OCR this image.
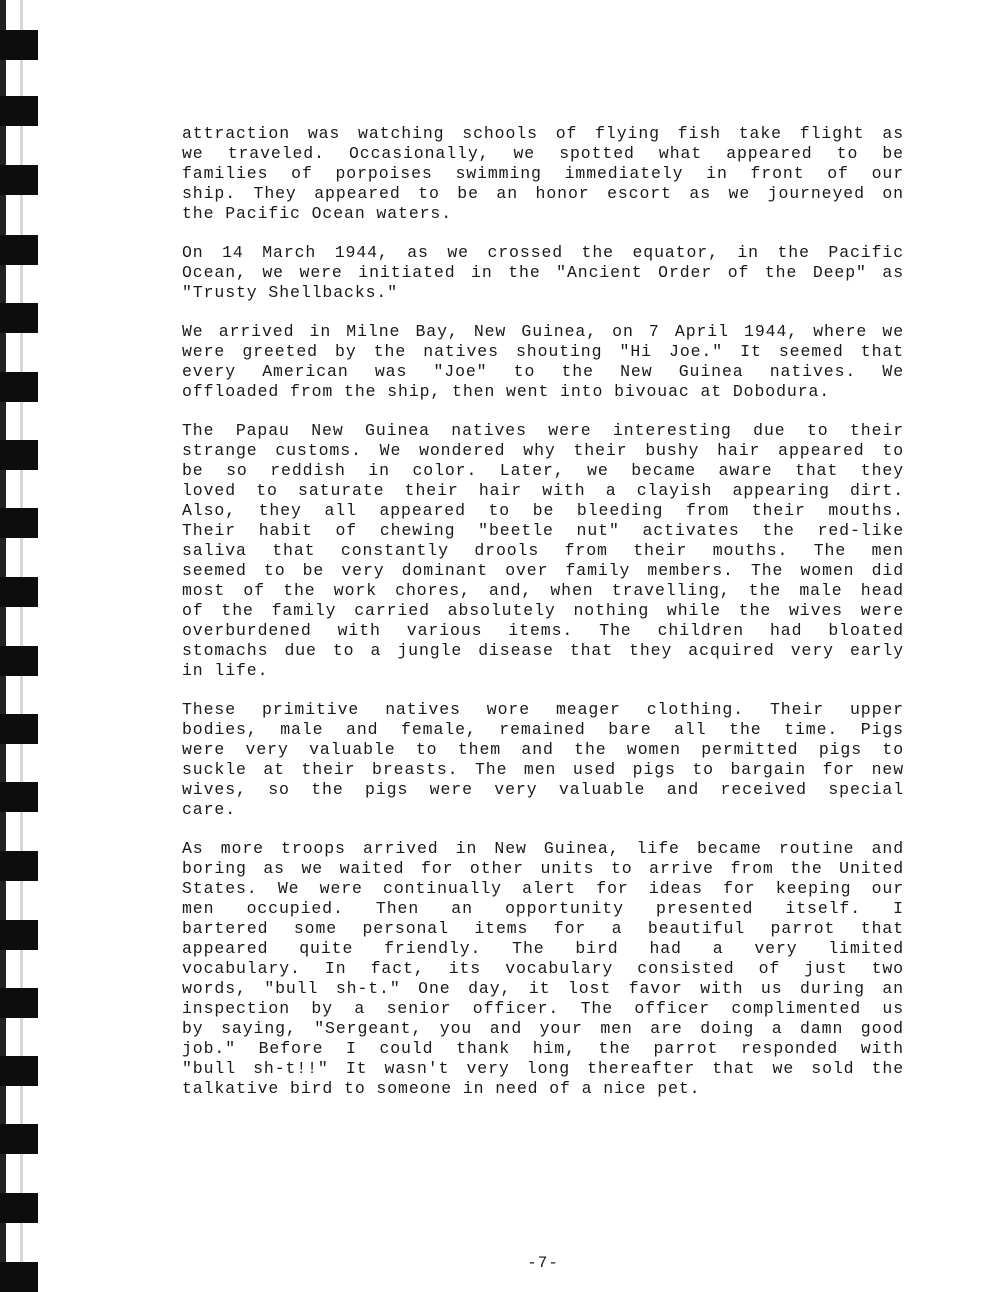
attraction was watching schools of flying fish take flight as
we traveled. Occasionally, we spotted what appeared to be
families of porpoises swimming immediately in front of our
ship. They appeared to be an honor escort as we journeyed on
the Pacific Ocean waters.

On 14 March 1944, as we crossed the equator, in the Pacific
Ocean, we were initiated in the "Ancient Order of the Deep" as
"Trusty Shellbacks."

We arrived in Milne Bay, New Guinea, on 7 April 1944, where we
were greeted by the natives shouting "Hi Joe." It seemed that
every American was "Joe" to the New Guinea natives. We
offloaded from the ship, then went into bivouac at Dobodura.

The Papau New Guinea natives were interesting due to their
strange customs. We wondered why their bushy hair appeared to
be so reddish in color. Later, we became aware that they
loved to saturate their hair with a clayish appearing dirt.
Also, they all appeared to be bleeding from their mouths.
Their habit of chewing "beetle nut" activates the red-like
saliva that constantly drools from their mouths. The men
seemed to be very dominant over family members. The women did
most of the work chores, and, when travelling, the male head
of the family carried absolutely nothing while the wives were
overburdened with various items. The children had bloated
stomachs due to a jungle disease that they acquired very early
in life.

These primitive natives wore meager clothing. Their upper
bodies, male and female, remained bare all the time. Pigs
were very valuable to them and the women permitted pigs to
suckle at their breasts. The men used pigs to bargain for new
wives, so the pigs were very valuable and received special
care.

As more troops arrived in New Guinea, life became routine and
boring as we waited for other units to arrive from the United
States. We were continually alert for ideas for keeping our
men occupied. Then an opportunity presented itself. I
bartered some personal items for a beautiful parrot that
appeared quite friendly. The bird had a very limited
vocabulary. In fact, its vocabulary consisted of just two
words, "bull sh-t." One day, it lost favor with us during an
inspection by a senior officer. The officer complimented us
by saying, "Sergeant, you and your men are doing a damn good
job." Before I could thank him, the parrot responded with
"bull sh-t!!" It wasn't very long thereafter that we sold the
talkative bird to someone in need of a nice pet.

-7-
